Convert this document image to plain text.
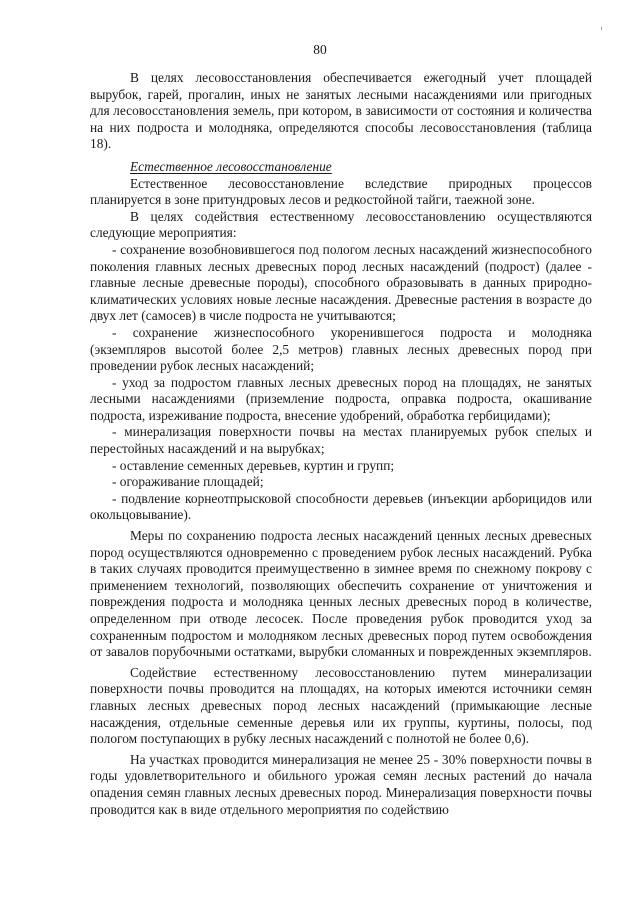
80

В целях лесовосстановления обеспечивается ежегодный учет площадей вырубок, гарей, прогалин, иных не занятых лесными насаждениями или пригодных для лесовосстановления земель, при котором, в зависимости от состояния и количества на них подроста и молодняка, определяются способы лесовосстановления (таблица 18).

Естественное лесовосстановление

Естественное лесовосстановление вследствие природных процессов планируется в зоне притундровых лесов и редкостойной тайги, таежной зоне.

В целях содействия естественному лесовосстановлению осуществляются следующие мероприятия:

- сохранение возобновившегося под пологом лесных насаждений жизнеспособного поколения главных лесных древесных пород лесных насаждений (подрост) (далее - главные лесные древесные породы), способного образовывать в данных природно-климатических условиях новые лесные насаждения. Древесные растения в возрасте до двух лет (самосев) в числе подроста не учитываются;

- сохранение жизнеспособного укоренившегося подроста и молодняка (экземпляров высотой более 2,5 метров) главных лесных древесных пород при проведении рубок лесных насаждений;

- уход за подростом главных лесных древесных пород на площадях, не занятых лесными насаждениями (приземление подроста, оправка подроста, окашивание подроста, изреживание подроста, внесение удобрений, обработка гербицидами);

- минерализация поверхности почвы на местах планируемых рубок спелых и перестойных насаждений и на вырубках;

- оставление семенных деревьев, куртин и групп;

- огораживание площадей;

- подвление корнеотпрысковой способности деревьев (инъекции арборицидов или окольцовывание).

Меры по сохранению подроста лесных насаждений ценных лесных древесных пород осуществляются одновременно с проведением рубок лесных насаждений. Рубка в таких случаях проводится преимущественно в зимнее время по снежному покрову с применением технологий, позволяющих обеспечить сохранение от уничтожения и повреждения подроста и молодняка ценных лесных древесных пород в количестве, определенном при отводе лесосек. После проведения рубок проводится уход за сохраненным подростом и молодняком лесных древесных пород путем освобождения от завалов порубочными остатками, вырубки сломанных и поврежденных экземпляров.

Содействие естественному лесовосстановлению путем минерализации поверхности почвы проводится на площадях, на которых имеются источники семян главных лесных древесных пород лесных насаждений (примыкающие лесные насаждения, отдельные семенные деревья или их группы, куртины, полосы, под пологом поступающих в рубку лесных насаждений с полнотой не более 0,6).

На участках проводится минерализация не менее 25 - 30% поверхности почвы в годы удовлетворительного и обильного урожая семян лесных растений до начала опадения семян главных лесных древесных пород. Минерализация поверхности почвы проводится как в виде отдельного мероприятия по содействию
